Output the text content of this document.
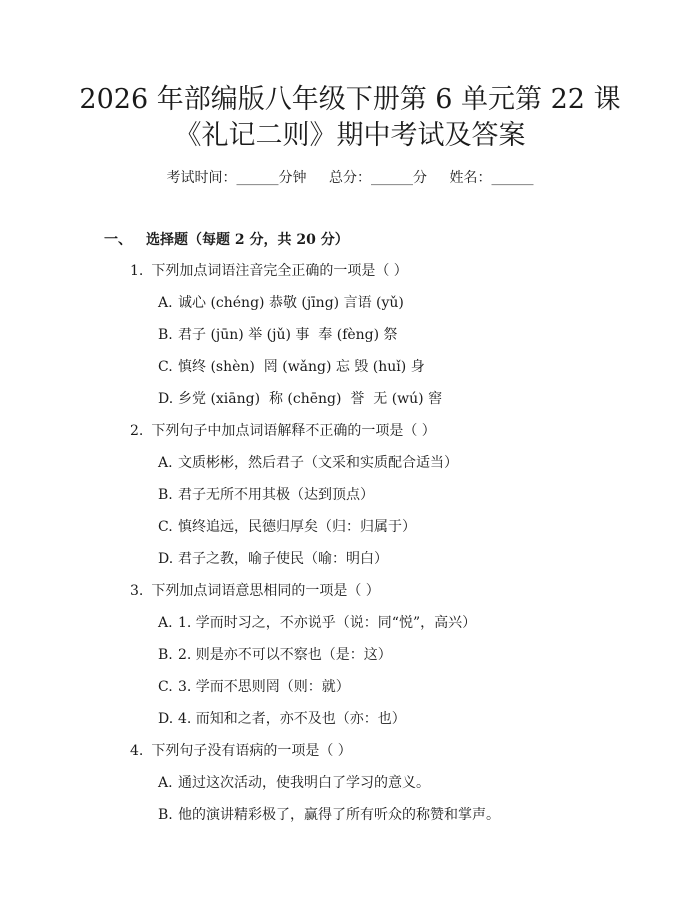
2026 年部编版八年级下册第 6 单元第 22 课
《礼记二则》期中考试及答案
考试时间：______分钟 总分：______分 姓名：______
一、 选择题（每题 2 分，共 20 分）
1. 下列加点词语注音完全正确的一项是（ ）
A. 诚心 (chéng) 恭敬 (jīng) 言语 (yǔ)
B. 君子 (jūn) 举 (jǔ) 事  奉 (fèng) 祭
C. 慎终 (shèn)  罔 (wǎng) 忘 毁 (huǐ) 身
D. 乡党 (xiāng)  称 (chēng)  誉  无 (wú) 窖
2. 下列句子中加点词语解释不正确的一项是（ ）
A. 文质彬彬，然后君子（文采和实质配合适当）
B. 君子无所不用其极（达到顶点）
C. 慎终追远，民德归厚矣（归：归属于）
D. 君子之教，喻子使民（喻：明白）
3. 下列加点词语意思相同的一项是（ ）
A. 1. 学而时习之，不亦说乎（说：同“悦”，高兴）
B. 2. 则是亦不可以不察也（是：这）
C. 3. 学而不思则罔（则：就）
D. 4. 而知和之者，亦不及也（亦：也）
4. 下列句子没有语病的一项是（ ）
A. 通过这次活动，使我明白了学习的意义。
B. 他的演讲精彩极了，赢得了所有听众的称赞和掌声。
